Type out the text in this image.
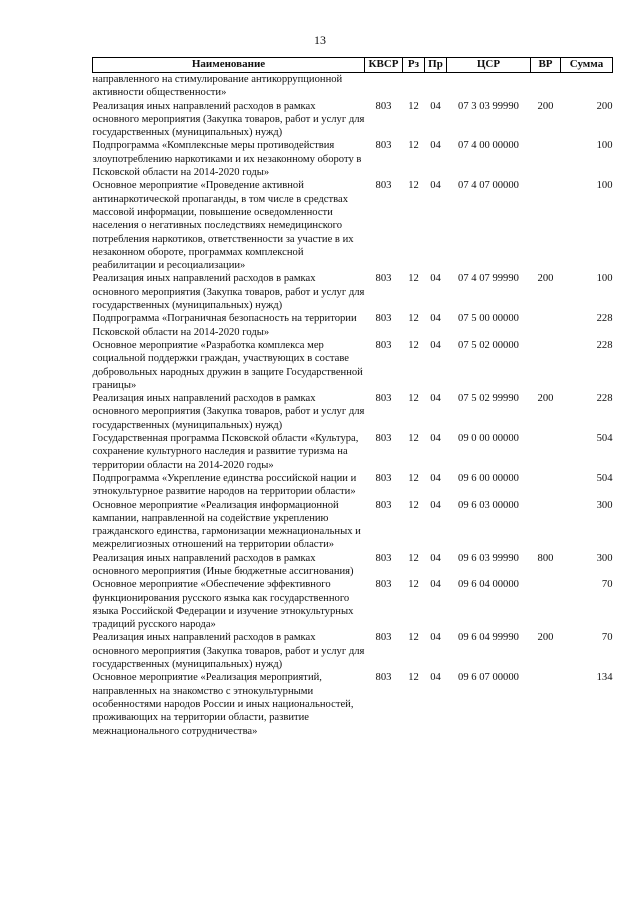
13
Наименование	КВСР	Рз	Пр	ЦСР	ВР	Сумма
направленного на стимулирование антикоррупционной активности общественности»						
Реализация иных направлений расходов в рамках основного мероприятия (Закупка товаров, работ и услуг для государственных (муниципальных) нужд)	803	12	04	07 3 03 99990	200	200
Подпрограмма «Комплексные меры противодействия злоупотреблению наркотиками и их незаконному обороту в Псковской области на 2014-2020 годы»	803	12	04	07 4 00 00000		100
Основное мероприятие «Проведение активной антинаркотической пропаганды, в том числе в средствах массовой информации, повышение осведомленности населения о негативных последствиях немедицинского потребления наркотиков, ответственности за участие в их незаконном обороте, программах комплексной реабилитации и ресоциализации»	803	12	04	07 4 07 00000		100
Реализация иных направлений расходов в рамках основного мероприятия (Закупка товаров, работ и услуг для государственных (муниципальных) нужд)	803	12	04	07 4 07 99990	200	100
Подпрограмма «Пограничная безопасность на территории Псковской области на 2014-2020 годы»	803	12	04	07 5 00 00000		228
Основное мероприятие «Разработка комплекса мер социальной поддержки граждан, участвующих в составе добровольных народных дружин в защите Государственной границы»	803	12	04	07 5 02 00000		228
Реализация иных направлений расходов в рамках основного мероприятия (Закупка товаров, работ и услуг для государственных (муниципальных) нужд)	803	12	04	07 5 02 99990	200	228
Государственная программа Псковской области «Культура, сохранение культурного наследия и развитие туризма на территории области на 2014-2020 годы»	803	12	04	09 0 00 00000		504
Подпрограмма «Укрепление единства российской нации и этнокультурное развитие народов на территории области»	803	12	04	09 6 00 00000		504
Основное мероприятие «Реализация информационной кампании, направленной на содействие укреплению гражданского единства, гармонизации межнациональных и межрелигиозных отношений на территории области»	803	12	04	09 6 03 00000		300
Реализация иных направлений расходов в рамках основного мероприятия (Иные бюджетные ассигнования)	803	12	04	09 6 03 99990	800	300
Основное мероприятие «Обеспечение эффективного функционирования русского языка как государственного языка Российской Федерации и изучение этнокультурных традиций русского народа»	803	12	04	09 6 04 00000		70
Реализация иных направлений расходов в рамках основного мероприятия (Закупка товаров, работ и услуг для государственных (муниципальных) нужд)	803	12	04	09 6 04 99990	200	70
Основное мероприятие «Реализация мероприятий, направленных на знакомство с этнокультурными особенностями народов России и иных национальностей, проживающих на территории области, развитие межнационального сотрудничества»	803	12	04	09 6 07 00000		134
